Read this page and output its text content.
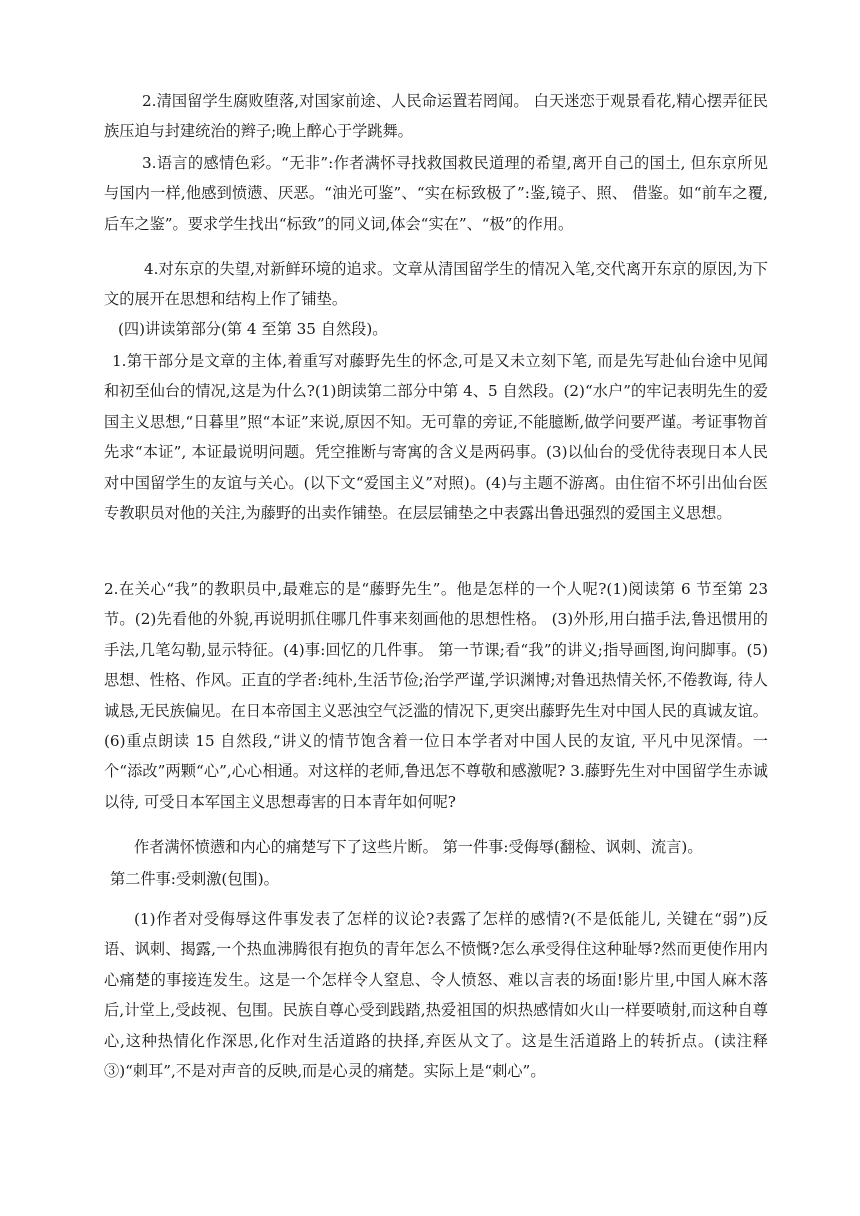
2.清国留学生腐败堕落,对国家前途、人民命运置若罔闻。 白天迷恋于观景看花,精心摆弄征民族压迫与封建统治的辫子;晚上醉心于学跳舞。

3.语言的感情色彩。“无非”:作者满怀寻找救国救民道理的希望,离开自己的国土, 但东京所见与国内一样,他感到愤懑、厌恶。“油光可鉴”、“实在标致极了”:鉴,镜子、照、 借鉴。如“前车之覆,后车之鉴”。要求学生找出“标致”的同义词,体会“实在”、“极”的作用。

4.对东京的失望,对新鲜环境的追求。文章从清国留学生的情况入笔,交代离开东京的原因,为下文的展开在思想和结构上作了铺垫。

(四)讲读第部分(第 4 至第 35 自然段)。

1.第干部分是文章的主体,着重写对藤野先生的怀念,可是又未立刻下笔, 而是先写赴仙台途中见闻和初至仙台的情况,这是为什么?(1)朗读第二部分中第 4、5 自然段。(2)“水户”的牢记表明先生的爱国主义思想,“日暮里”照“本证”来说,原因不知。无可靠的旁证,不能臆断,做学问要严谨。考证事物首先求“本证”, 本证最说明问题。凭空推断与寄寓的含义是两码事。(3)以仙台的受优待表现日本人民对中国留学生的友谊与关心。(以下文“爱国主义”对照)。(4)与主题不游离。由住宿不坏引出仙台医专教职员对他的关注,为藤野的出卖作铺垫。在层层铺垫之中表露出鲁迅强烈的爱国主义思想。

2.在关心“我”的教职员中,最难忘的是“藤野先生”。他是怎样的一个人呢?(1)阅读第 6 节至第 23 节。(2)先看他的外貌,再说明抓住哪几件事来刻画他的思想性格。 (3)外形,用白描手法,鲁迅惯用的手法,几笔勾勒,显示特征。(4)事:回忆的几件事。 第一节课;看“我”的讲义;指导画图,询问脚事。(5)思想、性格、作风。正直的学者:纯朴,生活节俭;治学严谨,学识渊博;对鲁迅热情关怀,不倦教诲, 待人诚恳,无民族偏见。在日本帝国主义恶浊空气泛滥的情况下,更突出藤野先生对中国人民的真诚友谊。(6)重点朗读 15 自然段,“讲义的情节饱含着一位日本学者对中国人民的友谊, 平凡中见深情。一个“添改”两颗“心”,心心相通。对这样的老师,鲁迅怎不尊敬和感激呢? 3.藤野先生对中国留学生赤诚以待, 可受日本军国主义思想毒害的日本青年如何呢?

作者满怀愤懑和内心的痛楚写下了这些片断。 第一件事:受侮辱(翻检、讽刺、流言)。

第二件事:受刺激(包围)。

(1)作者对受侮辱这件事发表了怎样的议论?表露了怎样的感情?(不是低能儿, 关键在“弱”)反语、讽刺、揭露,一个热血沸腾很有抱负的青年怎么不愤慨?怎么承受得住这种耻辱?然而更使作用内心痛楚的事接连发生。这是一个怎样令人窒息、令人愤怒、难以言表的场面!影片里,中国人麻木落后,计堂上,受歧视、包围。民族自尊心受到践踏,热爱祖国的炽热感情如火山一样要喷射,而这种自尊心,这种热情化作深思,化作对生活道路的抉择,弃医从文了。这是生活道路上的转折点。(读注释③)“刺耳”,不是对声音的反映,而是心灵的痛楚。实际上是“刺心”。
